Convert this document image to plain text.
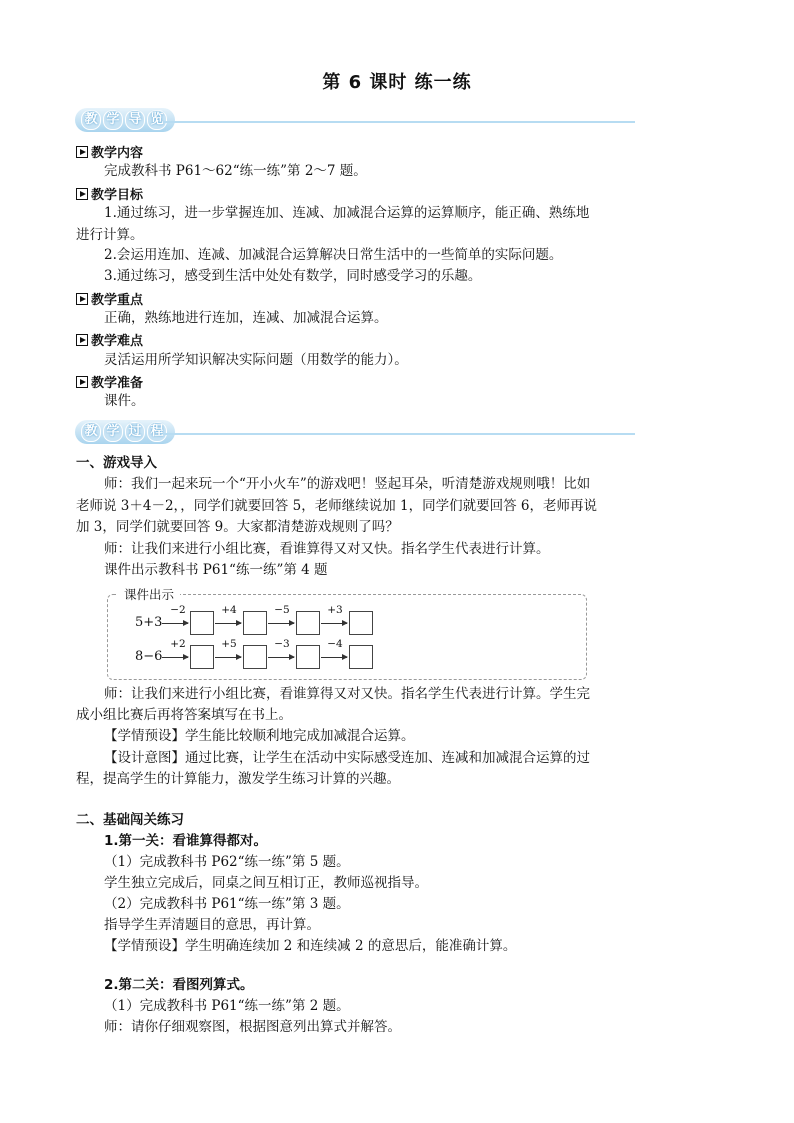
第 6 课时 练一练
教 学 导 览
教学内容
完成教科书 P61～62“练一练”第 2～7 题。
教学目标
1.通过练习，进一步掌握连加、连减、加减混合运算的运算顺序，能正确、熟练地
进行计算。
2.会运用连加、连减、加减混合运算解决日常生活中的一些简单的实际问题。
3.通过练习，感受到生活中处处有数学，同时感受学习的乐趣。
教学重点
正确，熟练地进行连加，连减、加减混合运算。
教学难点
灵活运用所学知识解决实际问题（用数学的能力）。
教学准备
课件。
教 学 过 程
一、游戏导入
师：我们一起来玩一个“开小火车”的游戏吧！竖起耳朵，听清楚游戏规则哦！比如
老师说 3＋4－2，，同学们就要回答 5，老师继续说加 1，同学们就要回答 6，老师再说
加 3，同学们就要回答 9。大家都清楚游戏规则了吗？
师：让我们来进行小组比赛，看谁算得又对又快。指名学生代表进行计算。
课件出示教科书 P61“练一练”第 4 题
课件出示
5+3
−2	+4	−5	+3
8−6
+2	+5	−3	−4
师：让我们来进行小组比赛，看谁算得又对又快。指名学生代表进行计算。学生完
成小组比赛后再将答案填写在书上。
【学情预设】学生能比较顺利地完成加减混合运算。
【设计意图】通过比赛，让学生在活动中实际感受连加、连减和加减混合运算的过
程，提高学生的计算能力，激发学生练习计算的兴趣。
二、基础闯关练习
1.第一关：看谁算得都对。
（1）完成教科书 P62“练一练”第 5 题。
学生独立完成后，同桌之间互相订正，教师巡视指导。
（2）完成教科书 P61“练一练”第 3 题。
指导学生弄清题目的意思，再计算。
【学情预设】学生明确连续加 2 和连续减 2 的意思后，能准确计算。
2.第二关：看图列算式。
（1）完成教科书 P61“练一练”第 2 题。
师：请你仔细观察图，根据图意列出算式并解答。
